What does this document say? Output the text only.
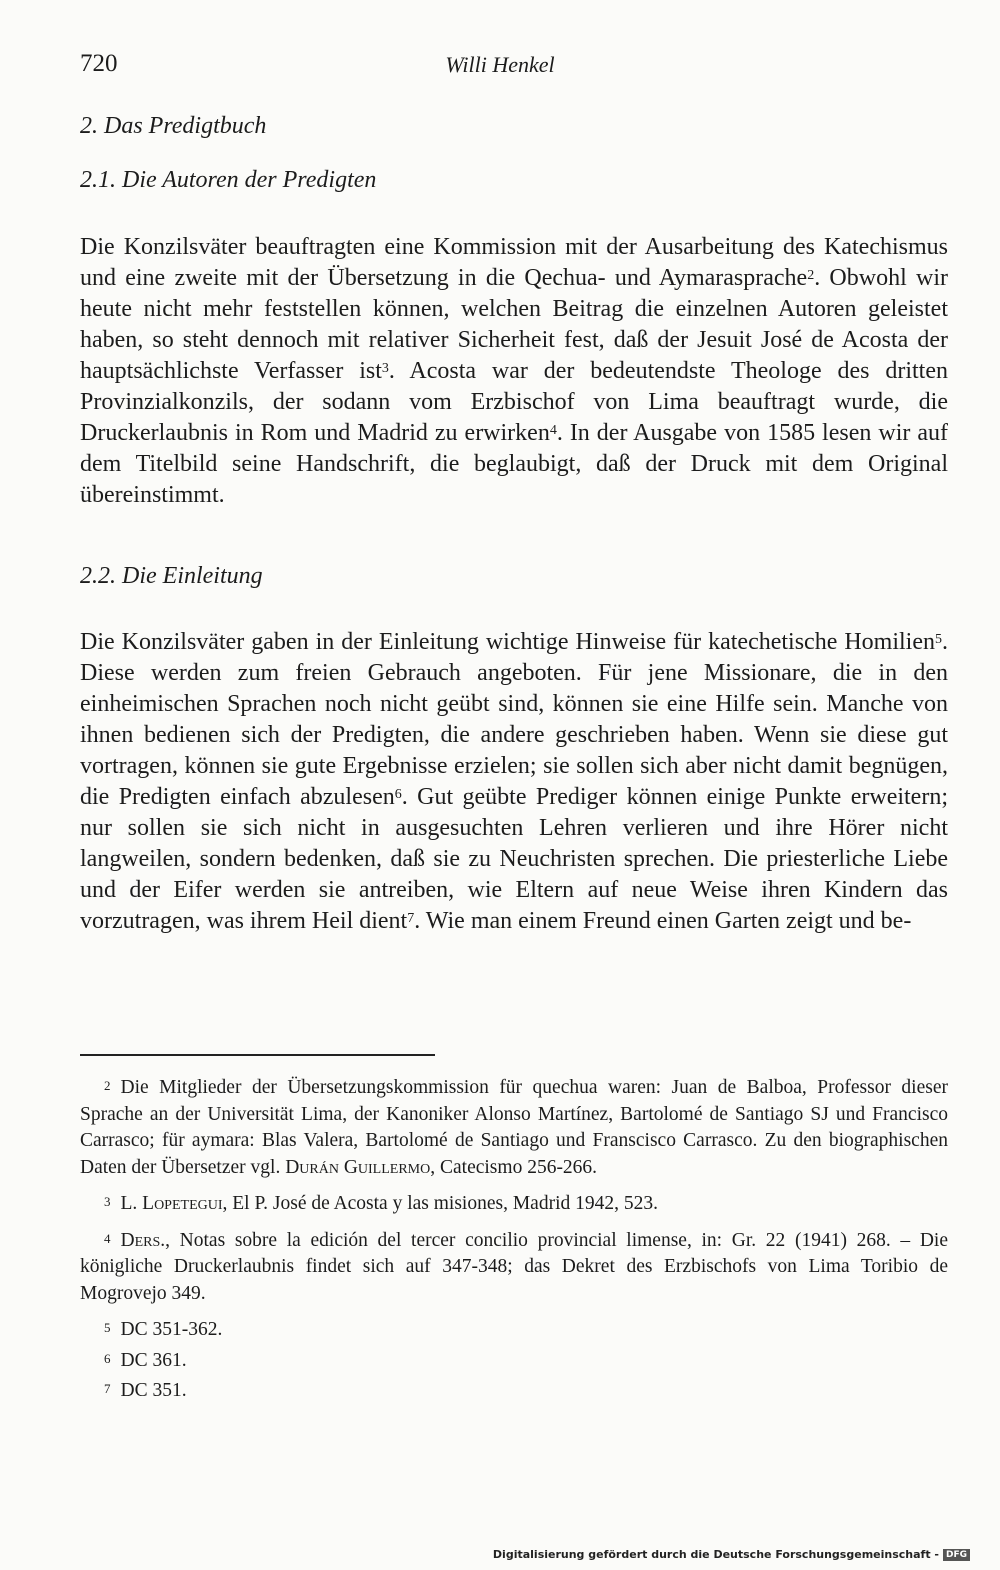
720	Willi Henkel
2. Das Predigtbuch
2.1. Die Autoren der Predigten

Die Konzilsväter beauftragten eine Kommission mit der Ausarbeitung des Katechismus und eine zweite mit der Übersetzung in die Qechua- und Aymarasprache$^2$. Obwohl wir heute nicht mehr feststellen können, welchen Beitrag die einzelnen Autoren geleistet haben, so steht dennoch mit relativer Sicherheit fest, daß der Jesuit José de Acosta der hauptsächlichste Verfasser ist$^3$. Acosta war der bedeutendste Theologe des dritten Provinzialkonzils, der sodann vom Erzbischof von Lima beauftragt wurde, die Druckerlaubnis in Rom und Madrid zu erwirken$^4$. In der Ausgabe von 1585 lesen wir auf dem Titelbild seine Handschrift, die beglaubigt, daß der Druck mit dem Original übereinstimmt.

2.2. Die Einleitung

Die Konzilsväter gaben in der Einleitung wichtige Hinweise für katechetische Homilien$^5$. Diese werden zum freien Gebrauch angeboten. Für jene Missionare, die in den einheimischen Sprachen noch nicht geübt sind, können sie eine Hilfe sein. Manche von ihnen bedienen sich der Predigten, die andere geschrieben haben. Wenn sie diese gut vortragen, können sie gute Ergebnisse erzielen; sie sollen sich aber nicht damit begnügen, die Predigten einfach abzulesen$^6$. Gut geübte Prediger können einige Punkte erweitern; nur sollen sie sich nicht in ausgesuchten Lehren verlieren und ihre Hörer nicht langweilen, sondern bedenken, daß sie zu Neuchristen sprechen. Die priesterliche Liebe und der Eifer werden sie antreiben, wie Eltern auf neue Weise ihren Kindern das vorzutragen, was ihrem Heil dient$^7$. Wie man einem Freund einen Garten zeigt und be-

$^2$ Die Mitglieder der Übersetzungskommission für quechua waren: Juan de Balboa, Professor dieser Sprache an der Universität Lima, der Kanoniker Alonso Martínez, Bartolomé de Santiago SJ und Francisco Carrasco; für aymara: Blas Valera, Bartolomé de Santiago und Franscisco Carrasco. Zu den biographischen Daten der Übersetzer vgl. Durán Guillermo, Catecismo 256-266.

$^3$ L. Lopetegui, El P. José de Acosta y las misiones, Madrid 1942, 523.

$^4$ Ders., Notas sobre la edición del tercer concilio provincial limense, in: Gr. 22 (1941) 268. – Die königliche Druckerlaubnis findet sich auf 347-348; das Dekret des Erzbischofs von Lima Toribio de Mogrovejo 349.

$^5$ DC 351-362.

$^6$ DC 361.

$^7$ DC 351.

Digitalisierung gefördert durch die Deutsche Forschungsgemeinschaft - DFG
